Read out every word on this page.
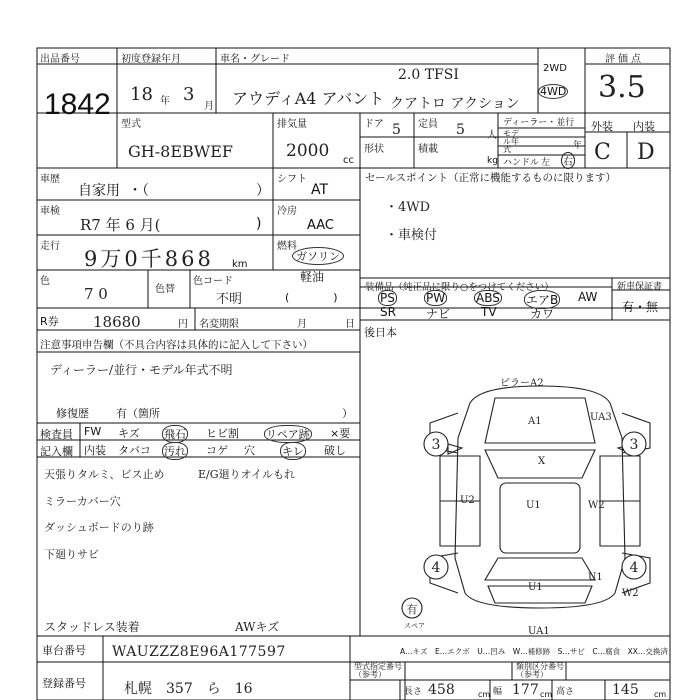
出品番号
1842
初度登録年月
18 年 3
月
車名・グレード
2.0 TFSI
アウディA4 アバント クアトロ アクション
2WD
4WD
評価点
3.5
型式
GH-8EBWEF
排気量
2000 cc
ドア 5 定員 5 人
ディーラー・並行
モデル年式	年
形状	積載
kg ハンドル 左 右
外装 内装
C D
車歴
自家用 ・（	）
シフト
AT
車検
R7 年 6 月(	)
冷房
AAC
走行
9万0千868 km
燃料
ガソリン
軽油
(　　　　)
色
7 0	色替
色コード
不明
R券 18680	円 名変期限	月	日
注意事項申告欄（不具合内容は具体的に記入して下さい）
ディーラー/並行・モデル年式不明
修復歴 有（箇所	）
検査員
記入欄
FW キズ 飛石 ヒビ割 リペア跡 ×要
内装 タバコ 汚れ コゲ 穴 キレ 破し
天張りタルミ、ビス止め	E/G廻りオイルもれ
ミラーカバー穴
ダッシュボードのり跡
下廻りサビ
スタッドレス装着	AWキズ
セールスポイント（正常に機能するものに限ります）
・4WD
・車検付
装備品（純正品に限り○をつけてください）	新車保証書
有・無
PS	PW	ABS エアB AW
SR	ナビ	TV	カワ
後日本
ピラーA2
A1	UA3
X
U2	U1	W2
U1
U1
UA1
W2
3	3
4	4
有
スペア
A…キズ　E…エクボ　U…凹み　W…補修跡　S…サビ　C…腐食　XX…交換済
車台番号 WAUZZZ8E96A177597
登録番号	札幌　357　ら　16
型式指定番号（参考）
類別区分番号（参考）
長さ 458	cm 幅 177 cm 高さ	145 cm
